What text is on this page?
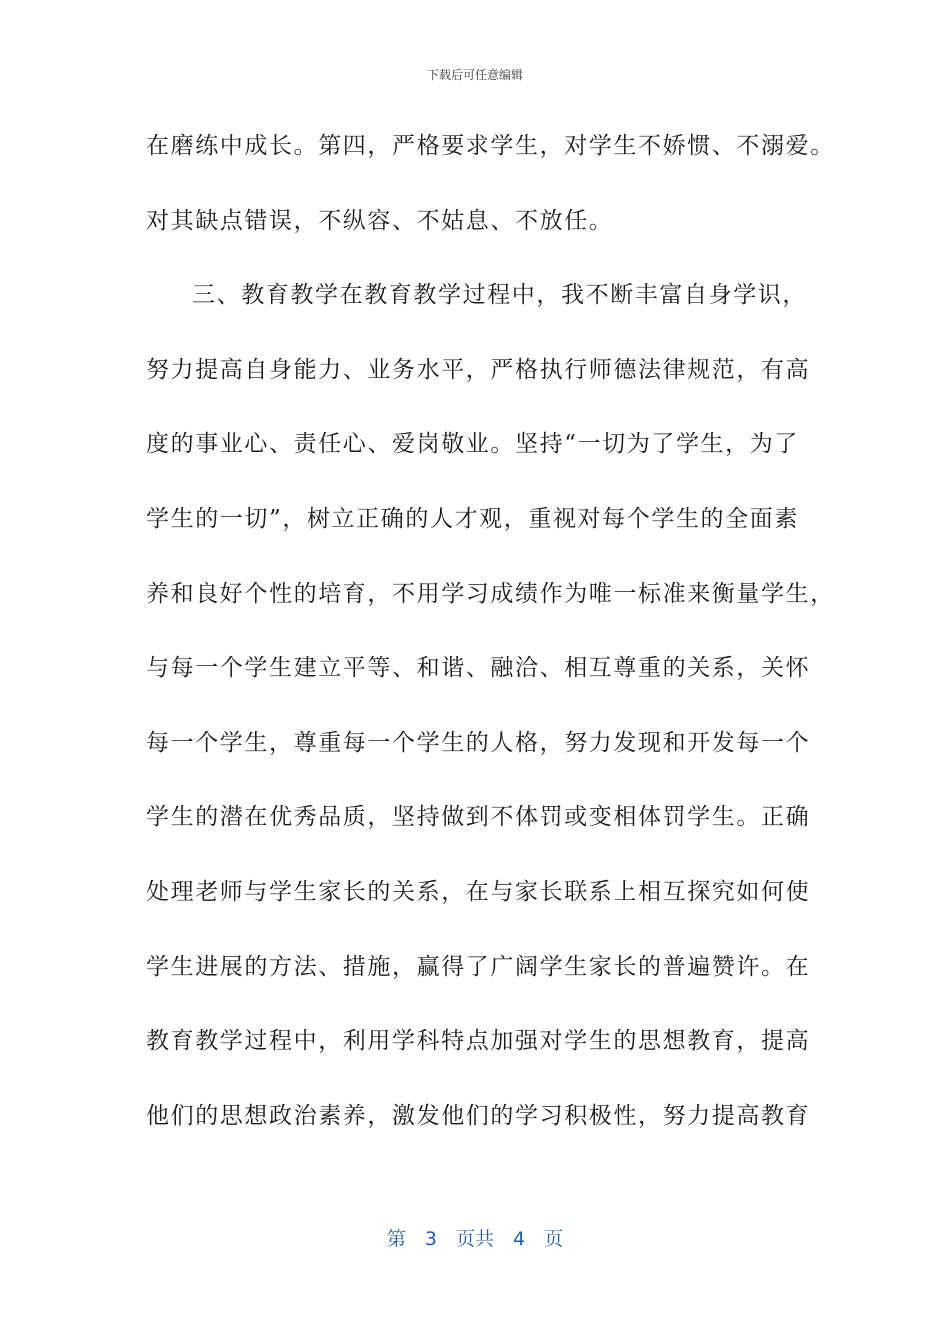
下载后可任意编辑
在磨练中成长。第四，严格要求学生，对学生不娇惯、不溺爱。
对其缺点错误，不纵容、不姑息、不放任。
三、教育教学在教育教学过程中，我不断丰富自身学识，
努力提高自身能力、业务水平，严格执行师德法律规范，有高
度的事业心、责任心、爱岗敬业。坚持“一切为了学生，为了
学生的一切”，树立正确的人才观，重视对每个学生的全面素
养和良好个性的培育，不用学习成绩作为唯一标准来衡量学生，
与每一个学生建立平等、和谐、融洽、相互尊重的关系，关怀
每一个学生，尊重每一个学生的人格，努力发现和开发每一个
学生的潜在优秀品质，坚持做到不体罚或变相体罚学生。正确
处理老师与学生家长的关系，在与家长联系上相互探究如何使
学生进展的方法、措施，赢得了广阔学生家长的普遍赞许。在
教育教学过程中，利用学科特点加强对学生的思想教育，提高
他们的思想政治素养，激发他们的学习积极性，努力提高教育
第　3　页共　4　页
